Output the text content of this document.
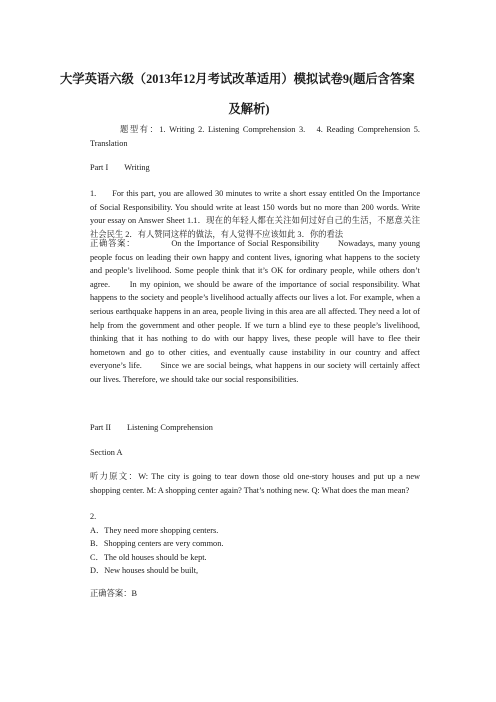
大学英语六级（2013年12月考试改革适用）模拟试卷9(题后含答案
及解析)
题型有：1. Writing 2. Listening Comprehension 3.　4. Reading Comprehension 5. Translation
Part I Writing
1. For this part, you are allowed 30 minutes to write a short essay entitled On the Importance of Social Responsibility. You should write at least 150 words but no more than 200 words. Write your essay on Answer Sheet 1.1．现在的年轻人都在关注如何过好自己的生活，不愿意关注社会民生 2．有人赞同这样的做法，有人觉得不应该如此 3．你的看法
正确答案：	On the Importance of Social Responsibility　　Nowadays, many young people focus on leading their own happy and content lives, ignoring what happens to the society and people’s livelihood. Some people think that it’s OK for ordinary people, while others don’t agree.　　In my opinion, we should be aware of the importance of social responsibility. What happens to the society and people’s livelihood actually affects our lives a lot. For example, when a serious earthquake happens in an area, people living in this area are all affected. They need a lot of help from the government and other people. If we turn a blind eye to these people’s livelihood, thinking that it has nothing to do with our happy lives, these people will have to flee their hometown and go to other cities, and eventually cause instability in our country and affect everyone’s life.　　Since we are social beings, what happens in our society will certainly affect our lives. Therefore, we should take our social responsibilities.
Part II Listening Comprehension
Section A
听力原文：W: The city is going to tear down those old one-story houses and put up a new shopping center. M: A shopping center again? That’s nothing new. Q: What does the man mean?
2.
A．They need more shopping centers.
B．Shopping centers are very common.
C．The old houses should be kept.
D．New houses should be built,
正确答案：B
